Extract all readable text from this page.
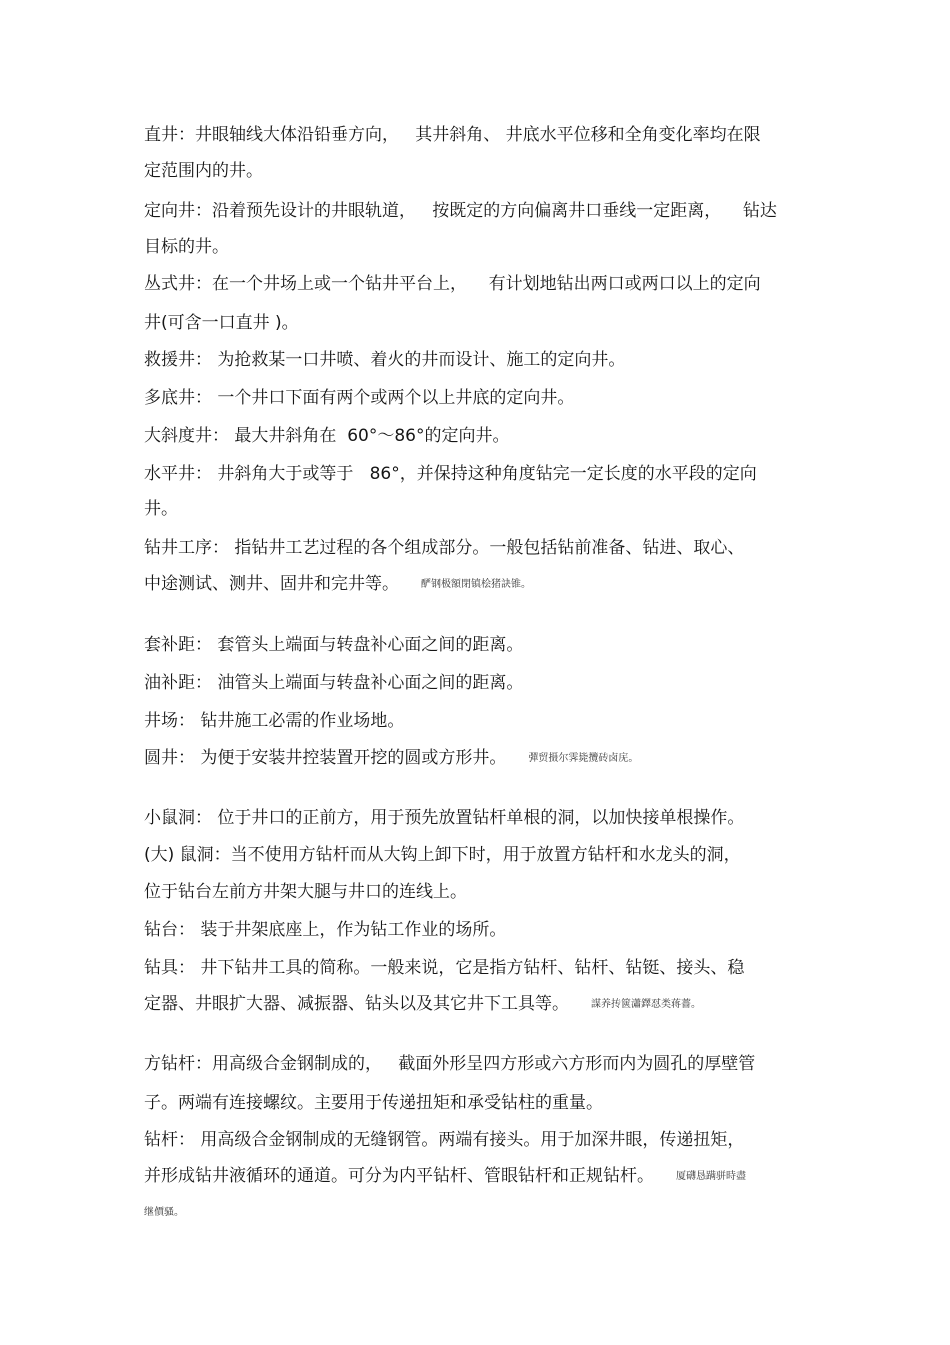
直井：井眼轴线大体沿铅垂方向，   其井斜角、 井底水平位移和全角变化率均在限
定范围内的井。
定向井：沿着预先设计的井眼轨道，   按既定的方向偏离井口垂线一定距离，    钻达
目标的井。
丛式井：在一个井场上或一个钻井平台上，    有计划地钻出两口或两口以上的定向
井(可含一口直井 )。
救援井： 为抢救某一口井喷、着火的井而设计、施工的定向井。
多底井： 一个井口下面有两个或两个以上井底的定向井。
大斜度井： 最大井斜角在  60°～86°的定向井。
水平井： 井斜角大于或等于   86°，并保持这种角度钻完一定长度的水平段的定向
井。
钻井工序： 指钻井工艺过程的各个组成部分。一般包括钻前准备、钻进、取心、
中途测试、测井、固井和完井等。 酽钢极額閉镇桧猪訣锥。
套补距： 套管头上端面与转盘补心面之间的距离。
油补距： 油管头上端面与转盘补心面之间的距离。
井场： 钻井施工必需的作业场地。
圆井： 为便于安装井控装置开挖的圆或方形井。 彈贸摄尔霁毙攬砖卤庑。
小鼠洞： 位于井口的正前方，用于预先放置钻杆单根的洞，以加快接单根操作。
(大) 鼠洞：当不使用方钻杆而从大钩上卸下时，用于放置方钻杆和水龙头的洞，
位于钻台左前方井架大腿与井口的连线上。
钻台： 装于井架底座上，作为钻工作业的场所。
钻具： 井下钻井工具的简称。一般来说，它是指方钻杆、钻杆、钻铤、接头、稳
定器、井眼扩大器、减振器、钻头以及其它井下工具等。 謀养抟篋瀟鐸怼类蒋薔。
方钻杆：用高级合金钢制成的，   截面外形呈四方形或六方形而内为圆孔的厚壁管
子。两端有连接螺纹。主要用于传递扭矩和承受钻柱的重量。
钻杆： 用高级合金钢制成的无缝钢管。两端有接头。用于加深井眼，传递扭矩，
并形成钻井液循环的通道。可分为内平钻杆、管眼钻杆和正规钻杆。 厦礴恳蹒骈時盡
继價骚。
